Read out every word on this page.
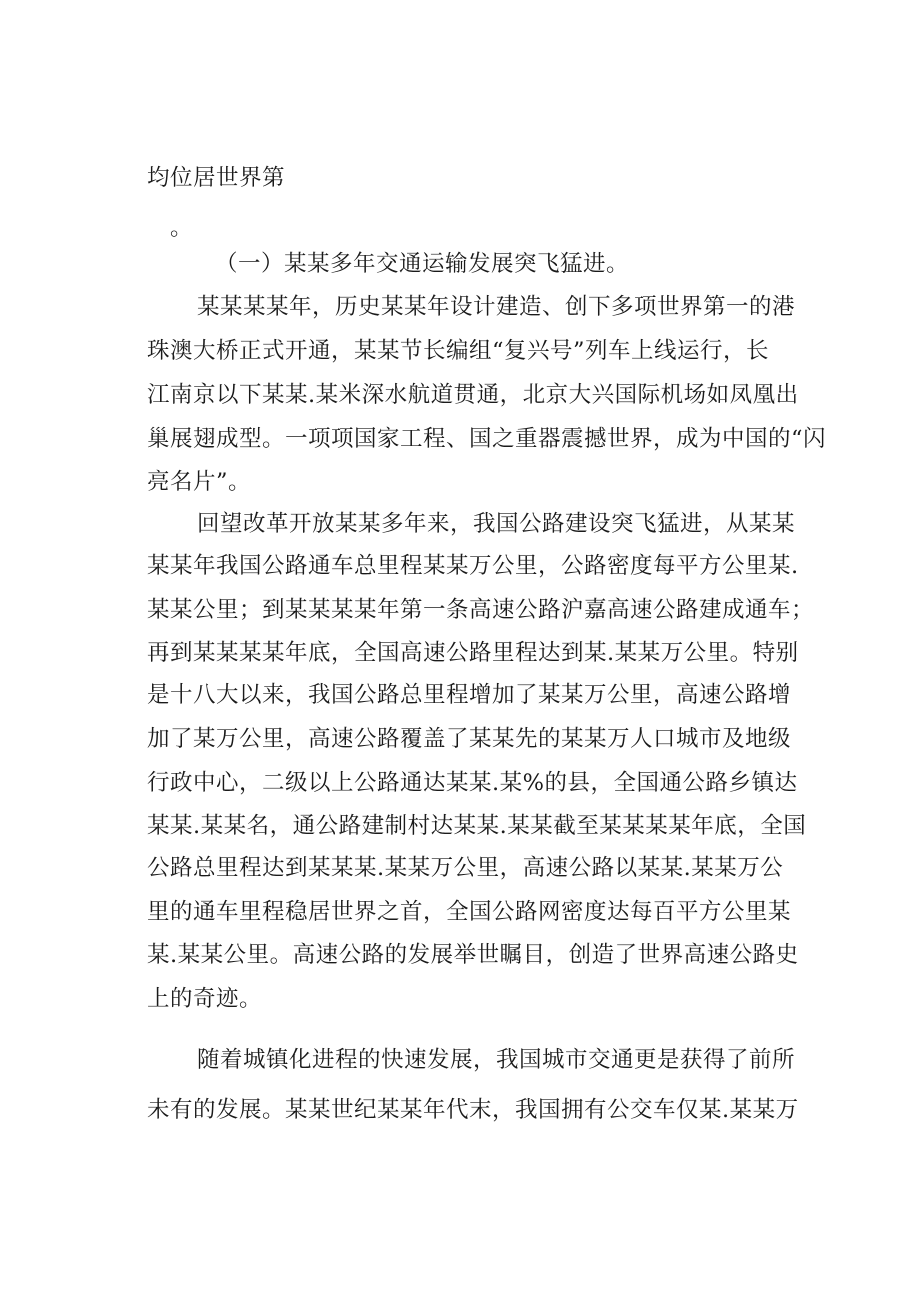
均位居世界第
。
（一）某某多年交通运输发展突飞猛进。
某某某某年，历史某某年设计建造、创下多项世界第一的港
珠澳大桥正式开通，某某节长编组“复兴号”列车上线运行，长
江南京以下某某.某米深水航道贯通，北京大兴国际机场如凤凰出
巢展翅成型。一项项国家工程、国之重器震撼世界，成为中国的“闪
亮名片”。
回望改革开放某某多年来，我国公路建设突飞猛进，从某某
某某年我国公路通车总里程某某万公里，公路密度每平方公里某.
某某公里；到某某某某年第一条高速公路沪嘉高速公路建成通车；
再到某某某某年底，全国高速公路里程达到某.某某万公里。特别
是十八大以来，我国公路总里程增加了某某万公里，高速公路增
加了某万公里，高速公路覆盖了某某先的某某万人口城市及地级
行政中心，二级以上公路通达某某.某%的县，全国通公路乡镇达
某某.某某名，通公路建制村达某某.某某截至某某某某年底，全国
公路总里程达到某某某.某某万公里，高速公路以某某.某某万公
里的通车里程稳居世界之首，全国公路网密度达每百平方公里某
某.某某公里。高速公路的发展举世瞩目，创造了世界高速公路史
上的奇迹。
随着城镇化进程的快速发展，我国城市交通更是获得了前所
未有的发展。某某世纪某某年代末，我国拥有公交车仅某.某某万
